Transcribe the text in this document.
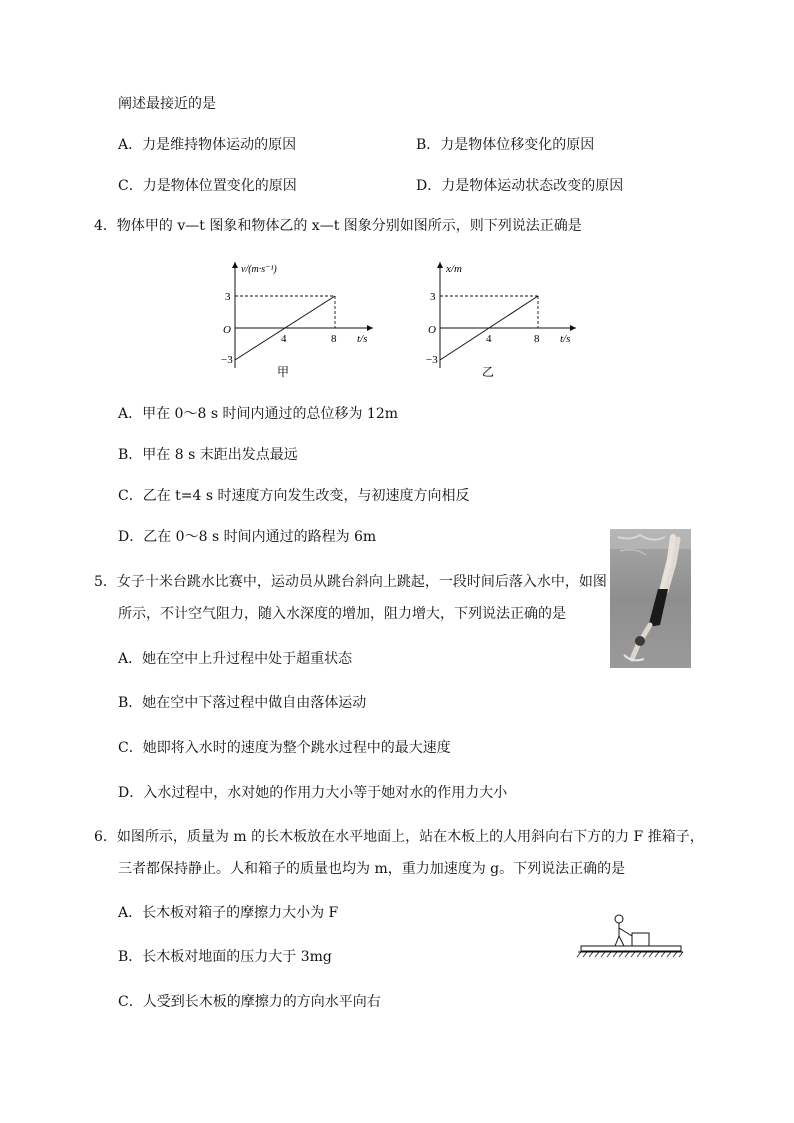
阐述最接近的是
A．力是维持物体运动的原因	B．力是物体位移变化的原因
C．力是物体位置变化的原因	D．力是物体运动状态改变的原因
4．物体甲的 v—t 图象和物体乙的 x—t 图象分别如图所示，则下列说法正确是
v/(m·s⁻¹)
t/s
O
3
−3
4	8
甲
x/m
t/s
O
3
−3
4	8
乙
A．甲在 0～8 s 时间内通过的总位移为 12m
B．甲在 8 s 末距出发点最远
C．乙在 t=4 s 时速度方向发生改变，与初速度方向相反
D．乙在 0～8 s 时间内通过的路程为 6m
5．女子十米台跳水比赛中，运动员从跳台斜向上跳起，一段时间后落入水中，如图
所示，不计空气阻力，随入水深度的增加，阻力增大，下列说法正确的是
A．她在空中上升过程中处于超重状态
B．她在空中下落过程中做自由落体运动
C．她即将入水时的速度为整个跳水过程中的最大速度
D．入水过程中，水对她的作用力大小等于她对水的作用力大小
6．如图所示，质量为 m 的长木板放在水平地面上，站在木板上的人用斜向右下方的力 F 推箱子，
三者都保持静止。人和箱子的质量也均为 m，重力加速度为 g。下列说法正确的是
A．长木板对箱子的摩擦力大小为 F
B．长木板对地面的压力大于 3mg
C．人受到长木板的摩擦力的方向水平向右
